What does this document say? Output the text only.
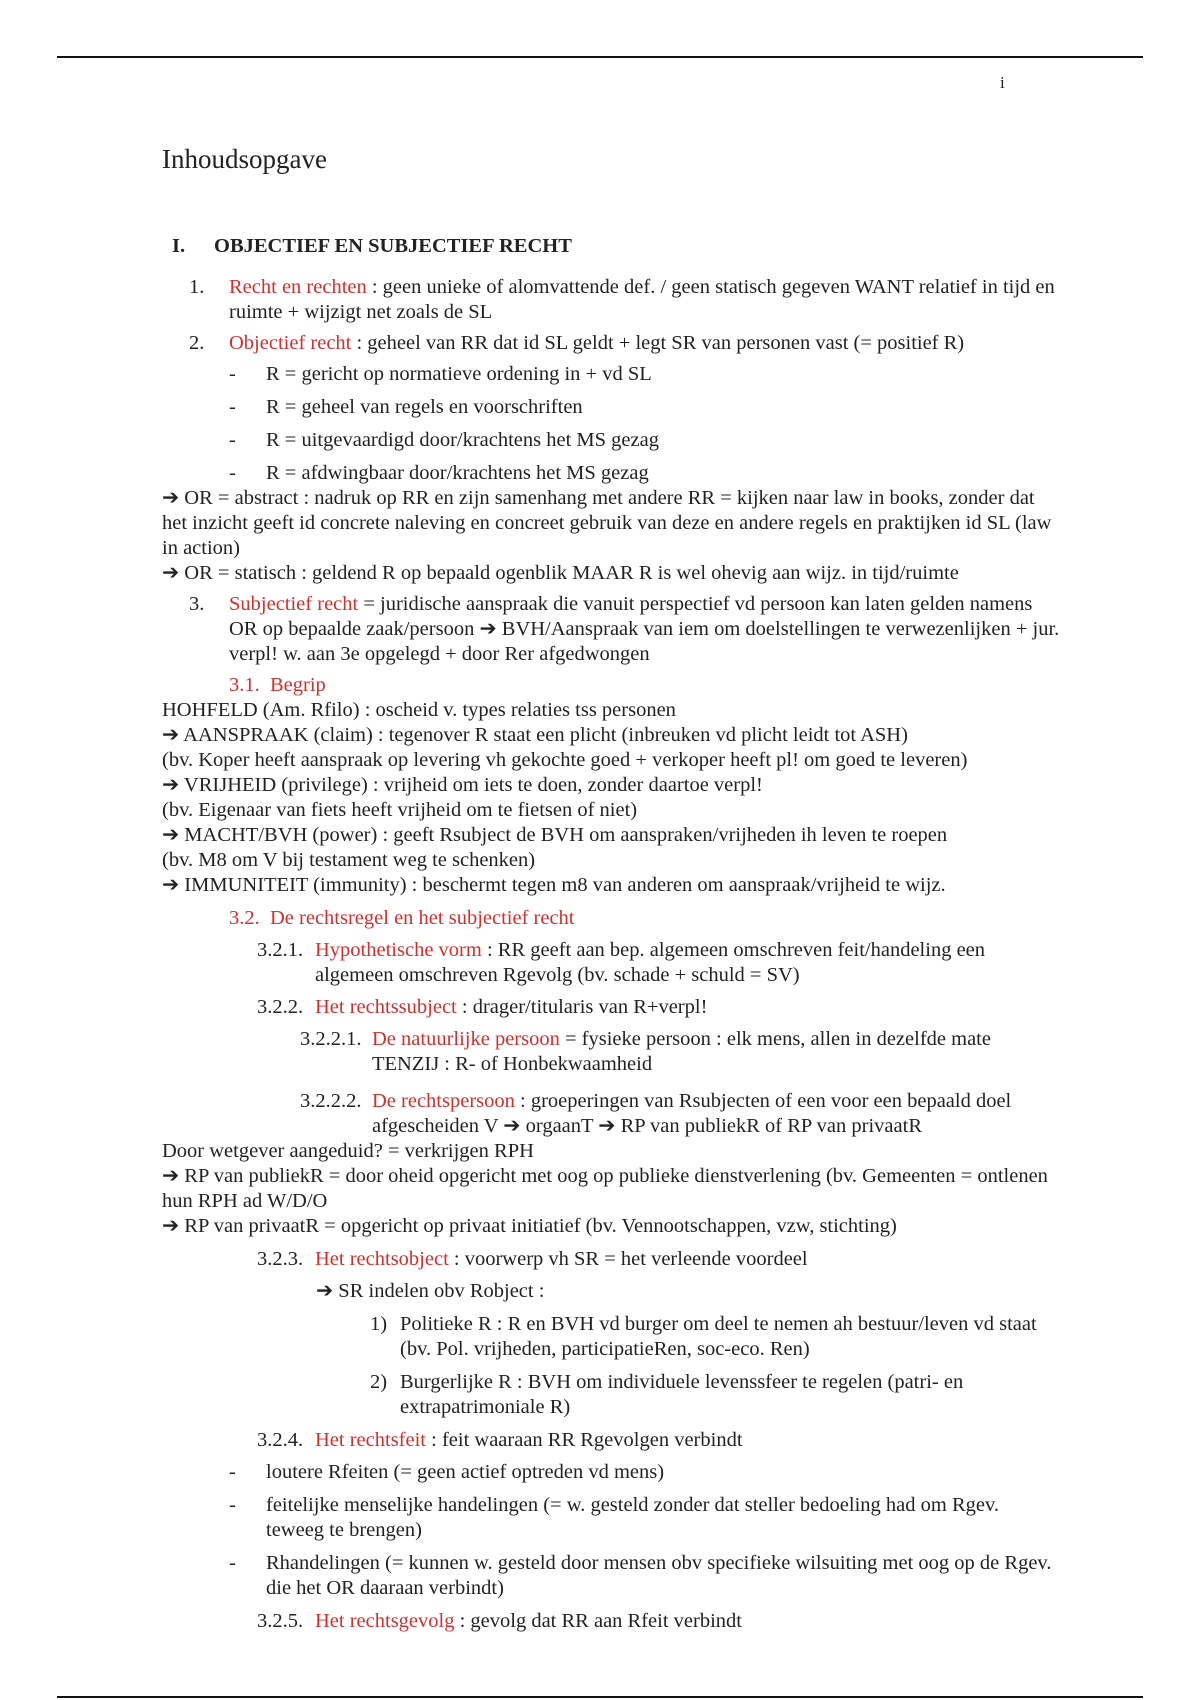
i
Inhoudsopgave

I. OBJECTIEF EN SUBJECTIEF RECHT

1. Recht en rechten : geen unieke of alomvattende def. / geen statisch gegeven WANT relatief in tijd en ruimte + wijzigt net zoals de SL

2. Objectief recht : geheel van RR dat id SL geldt + legt SR van personen vast (= positief R)

- R = gericht op normatieve ordening in + vd SL

- R = geheel van regels en voorschriften

- R = uitgevaardigd door/krachtens het MS gezag

- R = afdwingbaar door/krachtens het MS gezag

➔ OR = abstract : nadruk op RR en zijn samenhang met andere RR = kijken naar law in books, zonder dat het inzicht geeft id concrete naleving en concreet gebruik van deze en andere regels en praktijken id SL (law in action)

➔ OR = statisch : geldend R op bepaald ogenblik MAAR R is wel ohevig aan wijz. in tijd/ruimte

3. Subjectief recht = juridische aanspraak die vanuit perspectief vd persoon kan laten gelden namens OR op bepaalde zaak/persoon ➔ BVH/Aanspraak van iem om doelstellingen te verwezenlijken + jur. verpl! w. aan 3e opgelegd + door Rer afgedwongen

3.1. Begrip

HOHFELD (Am. Rfilo) : oscheid v. types relaties tss personen

➔ AANSPRAAK (claim) : tegenover R staat een plicht (inbreuken vd plicht leidt tot ASH)

(bv. Koper heeft aanspraak op levering vh gekochte goed + verkoper heeft pl! om goed te leveren)

➔ VRIJHEID (privilege) : vrijheid om iets te doen, zonder daartoe verpl!

(bv. Eigenaar van fiets heeft vrijheid om te fietsen of niet)

➔ MACHT/BVH (power) : geeft Rsubject de BVH om aanspraken/vrijheden ih leven te roepen

(bv. M8 om V bij testament weg te schenken)

➔ IMMUNITEIT (immunity) : beschermt tegen m8 van anderen om aanspraak/vrijheid te wijz.

3.2. De rechtsregel en het subjectief recht

3.2.1. Hypothetische vorm : RR geeft aan bep. algemeen omschreven feit/handeling een algemeen omschreven Rgevolg (bv. schade + schuld = SV)

3.2.2. Het rechtssubject : drager/titularis van R+verpl!

3.2.2.1. De natuurlijke persoon = fysieke persoon : elk mens, allen in dezelfde mate TENZIJ : R- of Honbekwaamheid

3.2.2.2. De rechtspersoon : groeperingen van Rsubjecten of een voor een bepaald doel afgescheiden V ➔ orgaanT ➔ RP van publiekR of RP van privaatR

Door wetgever aangeduid? = verkrijgen RPH

➔ RP van publiekR = door oheid opgericht met oog op publieke dienstverlening (bv. Gemeenten = ontlenen hun RPH ad W/D/O

➔ RP van privaatR = opgericht op privaat initiatief (bv. Vennootschappen, vzw, stichting)

3.2.3. Het rechtsobject : voorwerp vh SR = het verleende voordeel

➔ SR indelen obv Robject :

1) Politieke R : R en BVH vd burger om deel te nemen ah bestuur/leven vd staat (bv. Pol. vrijheden, participatieRen, soc-eco. Ren)

2) Burgerlijke R : BVH om individuele levenssfeer te regelen (patri- en extrapatrimoniale R)

3.2.4. Het rechtsfeit : feit waaraan RR Rgevolgen verbindt

- loutere Rfeiten (= geen actief optreden vd mens)

- feitelijke menselijke handelingen (= w. gesteld zonder dat steller bedoeling had om Rgev. teweeg te brengen)

- Rhandelingen (= kunnen w. gesteld door mensen obv specifieke wilsuiting met oog op de Rgev. die het OR daaraan verbindt)

3.2.5. Het rechtsgevolg : gevolg dat RR aan Rfeit verbindt
